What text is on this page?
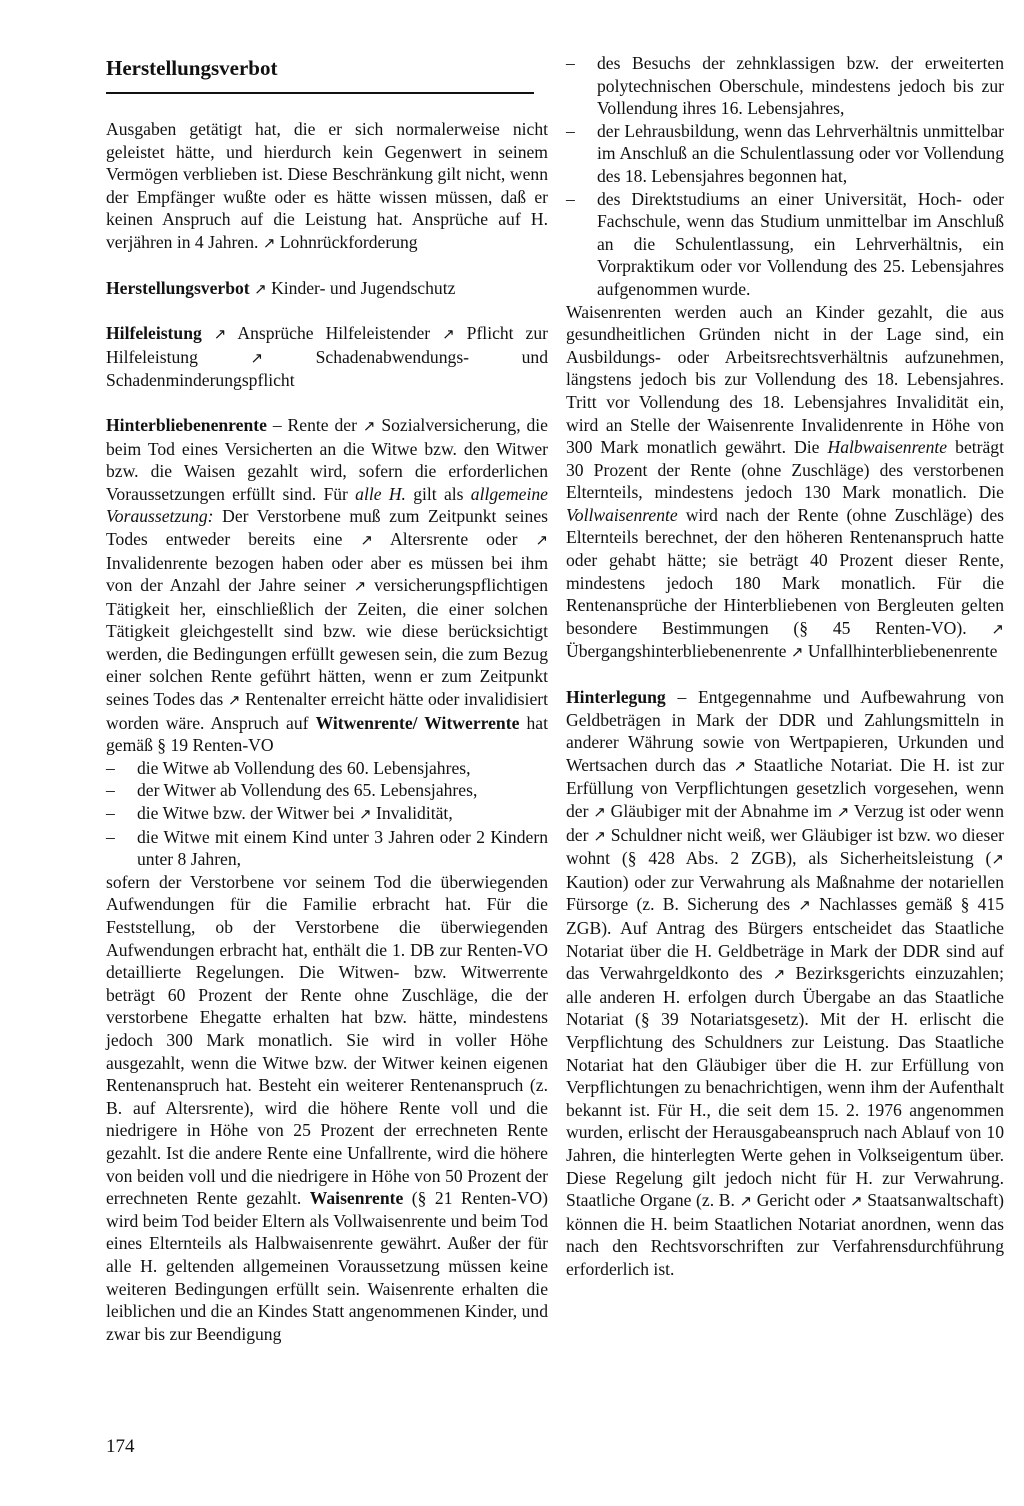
Herstellungsverbot

Ausgaben getätigt hat, die er sich normalerweise nicht geleistet hätte, und hierdurch kein Gegenwert in seinem Vermögen verblieben ist. Diese Beschränkung gilt nicht, wenn der Empfänger wußte oder es hätte wissen müssen, daß er keinen Anspruch auf die Leistung hat. Ansprüche auf H. verjähren in 4 Jahren. ↗ Lohnrückforderung

Herstellungsverbot ↗ Kinder- und Jugendschutz

Hilfeleistung ↗ Ansprüche Hilfeleistender ↗ Pflicht zur Hilfeleistung	↗	Schadenabwendungs- und Schadenminderungspflicht

Hinterbliebenenrente – Rente der ↗ Sozialversicherung, die beim Tod eines Versicherten an die Witwe bzw. den Witwer bzw. die Waisen gezahlt wird, sofern die erforderlichen Voraussetzungen erfüllt sind. Für alle H. gilt als allgemeine Voraussetzung: Der Verstorbene muß zum Zeitpunkt seines Todes entweder bereits eine ↗ Altersrente oder ↗ Invalidenrente bezogen haben oder aber es müssen bei ihm von der Anzahl der Jahre seiner ↗ versicherungspflichtigen Tätigkeit her, einschließlich der Zeiten, die einer solchen Tätigkeit gleichgestellt sind bzw. wie diese berücksichtigt werden, die Bedingungen erfüllt gewesen sein, die zum Bezug einer solchen Rente geführt hätten, wenn er zum Zeitpunkt seines Todes das ↗ Rentenalter erreicht hätte oder invalidisiert worden wäre. Anspruch auf Witwenrente/ Witwerrente hat gemäß § 19 Renten-VO

– die Witwe ab Vollendung des 60. Lebensjahres,
– der Witwer ab Vollendung des 65. Lebensjahres,
– die Witwe bzw. der Witwer bei ↗ Invalidität,
– die Witwe mit einem Kind unter 3 Jahren oder 2 Kindern unter 8 Jahren,

sofern der Verstorbene vor seinem Tod die überwiegenden Aufwendungen für die Familie erbracht hat. Für die Feststellung, ob der Verstorbene die überwiegenden Aufwendungen erbracht hat, enthält die 1. DB zur Renten-VO detaillierte Regelungen. Die Witwen- bzw. Witwerrente beträgt 60 Prozent der Rente ohne Zuschläge, die der verstorbene Ehegatte erhalten hat bzw. hätte, mindestens jedoch 300 Mark monatlich. Sie wird in voller Höhe ausgezahlt, wenn die Witwe bzw. der Witwer keinen eigenen Rentenanspruch hat. Besteht ein weiterer Rentenanspruch (z. B. auf Altersrente), wird die höhere Rente voll und die niedrigere in Höhe von 25 Prozent der errechneten Rente gezahlt. Ist die andere Rente eine Unfallrente, wird die höhere von beiden voll und die niedrigere in Höhe von 50 Prozent der errechneten Rente gezahlt. Waisenrente (§ 21 Renten-VO) wird beim Tod beider Eltern als Vollwaisenrente und beim Tod eines Elternteils als Halbwaisenrente gewährt. Außer der für alle H. geltenden allgemeinen Voraussetzung müssen keine weiteren Bedingungen erfüllt sein. Waisenrente erhalten die leiblichen und die an Kindes Statt angenommenen Kinder, und zwar bis zur Beendigung

– des Besuchs der zehnklassigen bzw. der erweiterten polytechnischen Oberschule, mindestens jedoch bis zur Vollendung ihres 16. Lebensjahres,
– der Lehrausbildung, wenn das Lehrverhältnis unmittelbar im Anschluß an die Schulentlassung oder vor Vollendung des 18. Lebensjahres begonnen hat,
– des Direktstudiums an einer Universität, Hoch- oder Fachschule, wenn das Studium unmittelbar im Anschluß an die Schulentlassung, ein Lehrverhältnis, ein Vorpraktikum oder vor Vollendung des 25. Lebensjahres aufgenommen wurde.

Waisenrenten werden auch an Kinder gezahlt, die aus gesundheitlichen Gründen nicht in der Lage sind, ein Ausbildungs- oder Arbeitsrechtsverhältnis aufzunehmen, längstens jedoch bis zur Vollendung des 18. Lebensjahres. Tritt vor Vollendung des 18. Lebensjahres Invalidität ein, wird an Stelle der Waisenrente Invalidenrente in Höhe von 300 Mark monatlich gewährt. Die Halbwaisenrente beträgt 30 Prozent der Rente (ohne Zuschläge) des verstorbenen Elternteils, mindestens jedoch 130 Mark monatlich. Die Vollwaisenrente wird nach der Rente (ohne Zuschläge) des Elternteils berechnet, der den höheren Rentenanspruch hatte oder gehabt hätte; sie beträgt 40 Prozent dieser Rente, mindestens jedoch 180 Mark monatlich. Für die Rentenansprüche der Hinterbliebenen von Bergleuten gelten besondere Bestimmungen (§ 45 Renten-VO). ↗ Übergangshinterbliebenenrente ↗ Unfallhinterbliebenenrente

Hinterlegung – Entgegennahme und Aufbewahrung von Geldbeträgen in Mark der DDR und Zahlungsmitteln in anderer Währung sowie von Wertpapieren, Urkunden und Wertsachen durch das ↗ Staatliche Notariat. Die H. ist zur Erfüllung von Verpflichtungen gesetzlich vorgesehen, wenn der ↗ Gläubiger mit der Abnahme im ↗ Verzug ist oder wenn der ↗ Schuldner nicht weiß, wer Gläubiger ist bzw. wo dieser wohnt (§ 428 Abs. 2 ZGB), als Sicherheitsleistung (↗ Kaution) oder zur Verwahrung als Maßnahme der notariellen Fürsorge (z. B. Sicherung des ↗ Nachlasses gemäß § 415 ZGB). Auf Antrag des Bürgers entscheidet das Staatliche Notariat über die H. Geldbeträge in Mark der DDR sind auf das Verwahrgeldkonto des ↗ Bezirksgerichts einzuzahlen; alle anderen H. erfolgen durch Übergabe an das Staatliche Notariat (§ 39 Notariatsgesetz). Mit der H. erlischt die Verpflichtung des Schuldners zur Leistung. Das Staatliche Notariat hat den Gläubiger über die H. zur Erfüllung von Verpflichtungen zu benachrichtigen, wenn ihm der Aufenthalt bekannt ist. Für H., die seit dem 15. 2. 1976 angenommen wurden, erlischt der Herausgabeanspruch nach Ablauf von 10 Jahren, die hinterlegten Werte gehen in Volkseigentum über. Diese Regelung gilt jedoch nicht für H. zur Verwahrung. Staatliche Organe (z. B. ↗ Gericht oder ↗ Staatsanwaltschaft) können die H. beim Staatlichen Notariat anordnen, wenn das nach den Rechtsvorschriften zur Verfahrensdurchführung erforderlich ist.

174
